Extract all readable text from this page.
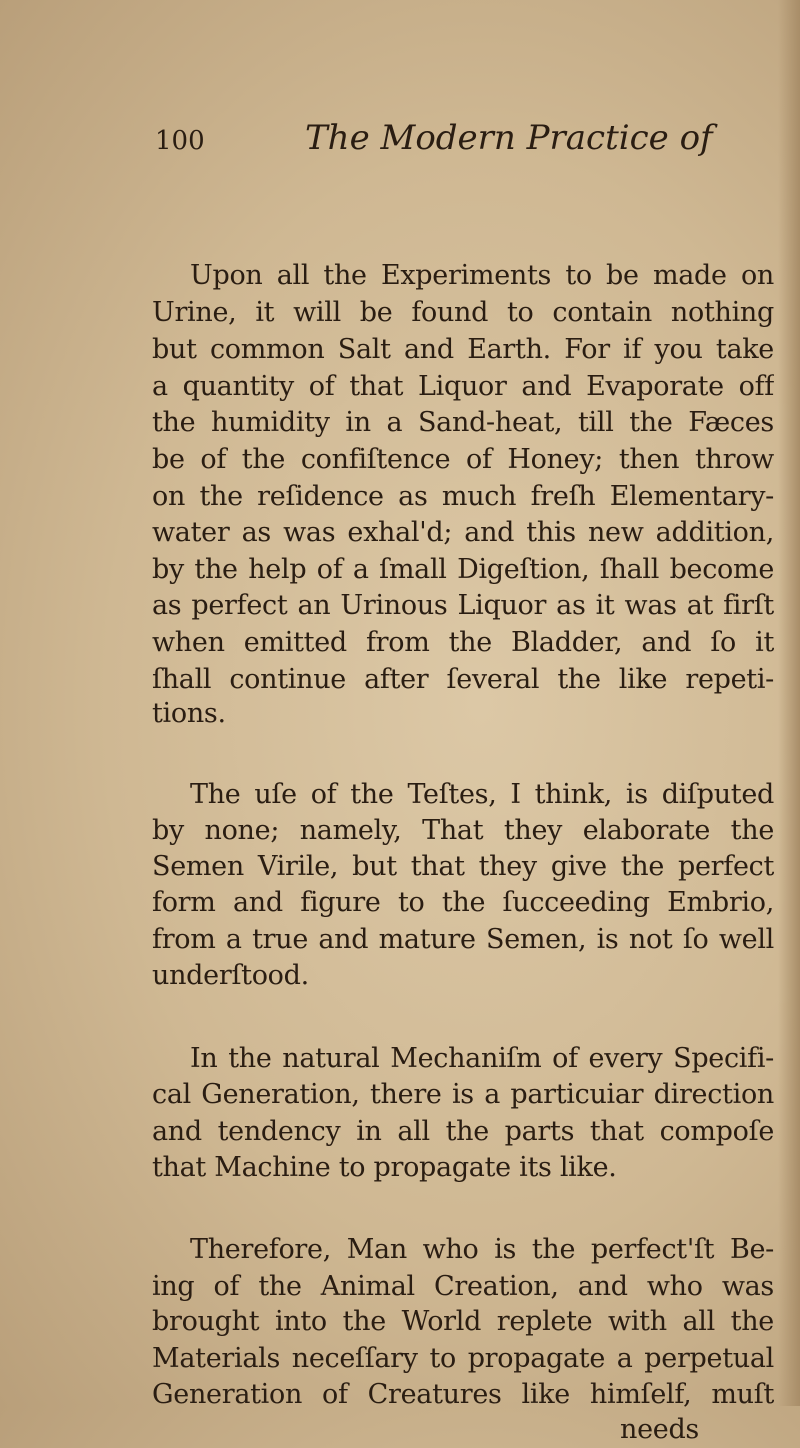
100	The Modern Practice of
Upon all the Experiments to be made on
Urine, it will be found to contain nothing
but common Salt and Earth. For if you take
a quantity of that Liquor and Evaporate off
the humidity in a Sand-heat, till the Fæces
be of the confiſtence of Honey; then throw
on the reſidence as much freſh Elementary-
water as was exhal'd; and this new addition,
by the help of a ſmall Digeſtion, ſhall become
as perfect an Urinous Liquor as it was at firſt
when emitted from the Bladder, and ſo it
ſhall continue after ſeveral the like repeti-
tions.
The uſe of the Teſtes, I think, is diſputed
by none; namely, That they elaborate the
Semen Virile, but that they give the perfect
form and figure to the ſucceeding Embrio,
from a true and mature Semen, is not ſo well
underſtood.
In the natural Mechaniſm of every Specifi-
cal Generation, there is a particuiar direction
and tendency in all the parts that compoſe
that Machine to propagate its like.
Therefore, Man who is the perfect'ſt Be-
ing of the Animal Creation, and who was
brought into the World replete with all the
Materials neceſſary to propagate a perpetual
Generation of Creatures like himſelf, muſt
needs
